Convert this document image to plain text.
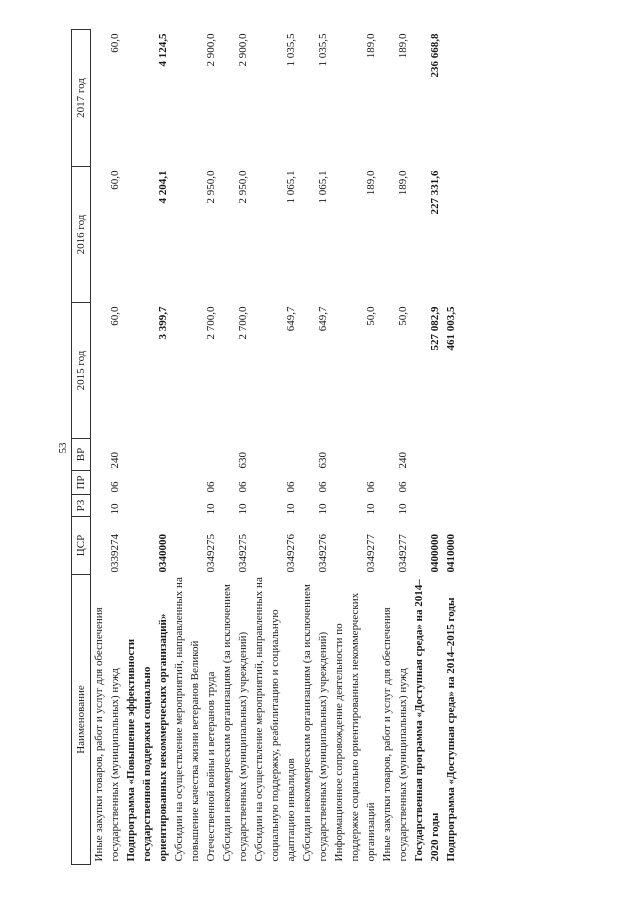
53
Наименование	ЦСР	РЗ	ПР	ВР	2015 год	2016 год	2017 год
Иные закупки товаров, работ и услуг для обеспечения государственных (муниципальных) нужд	0339274	10	06	240	60,0	60,0	60,0
Подпрограмма «Повышение эффективности государственной поддержки социально ориентированных некоммерческих организаций»	0340000				3 399,7	4 204,1	4 124,5
Субсидии на осуществление мероприятий, направленных на повышение качества жизни ветеранов Великой Отечественной войны и ветеранов труда	0349275	10	06		2 700,0	2 950,0	2 900,0
Субсидии некоммерческим организациям (за исключением государственных (муниципальных) учреждений)	0349275	10	06	630	2 700,0	2 950,0	2 900,0
Субсидии на осуществление мероприятий, направленных на социальную поддержку, реабилитацию и социальную адаптацию инвалидов	0349276	10	06		649,7	1 065,1	1 035,5
Субсидии некоммерческим организациям (за исключением государственных (муниципальных) учреждений)	0349276	10	06	630	649,7	1 065,1	1 035,5
Информационное сопровождение деятельности по поддержке социально ориентированных некоммерческих организаций	0349277	10	06		50,0	189,0	189,0
Иные закупки товаров, работ и услуг для обеспечения государственных (муниципальных) нужд	0349277	10	06	240	50,0	189,0	189,0
Государственная программа «Доступная среда» на 2014–2020 годы	0400000				527 082,9	227 331,6	236 668,8
Подпрограмма «Доступная среда» на 2014–2015 годы	0410000				461 003,5		
